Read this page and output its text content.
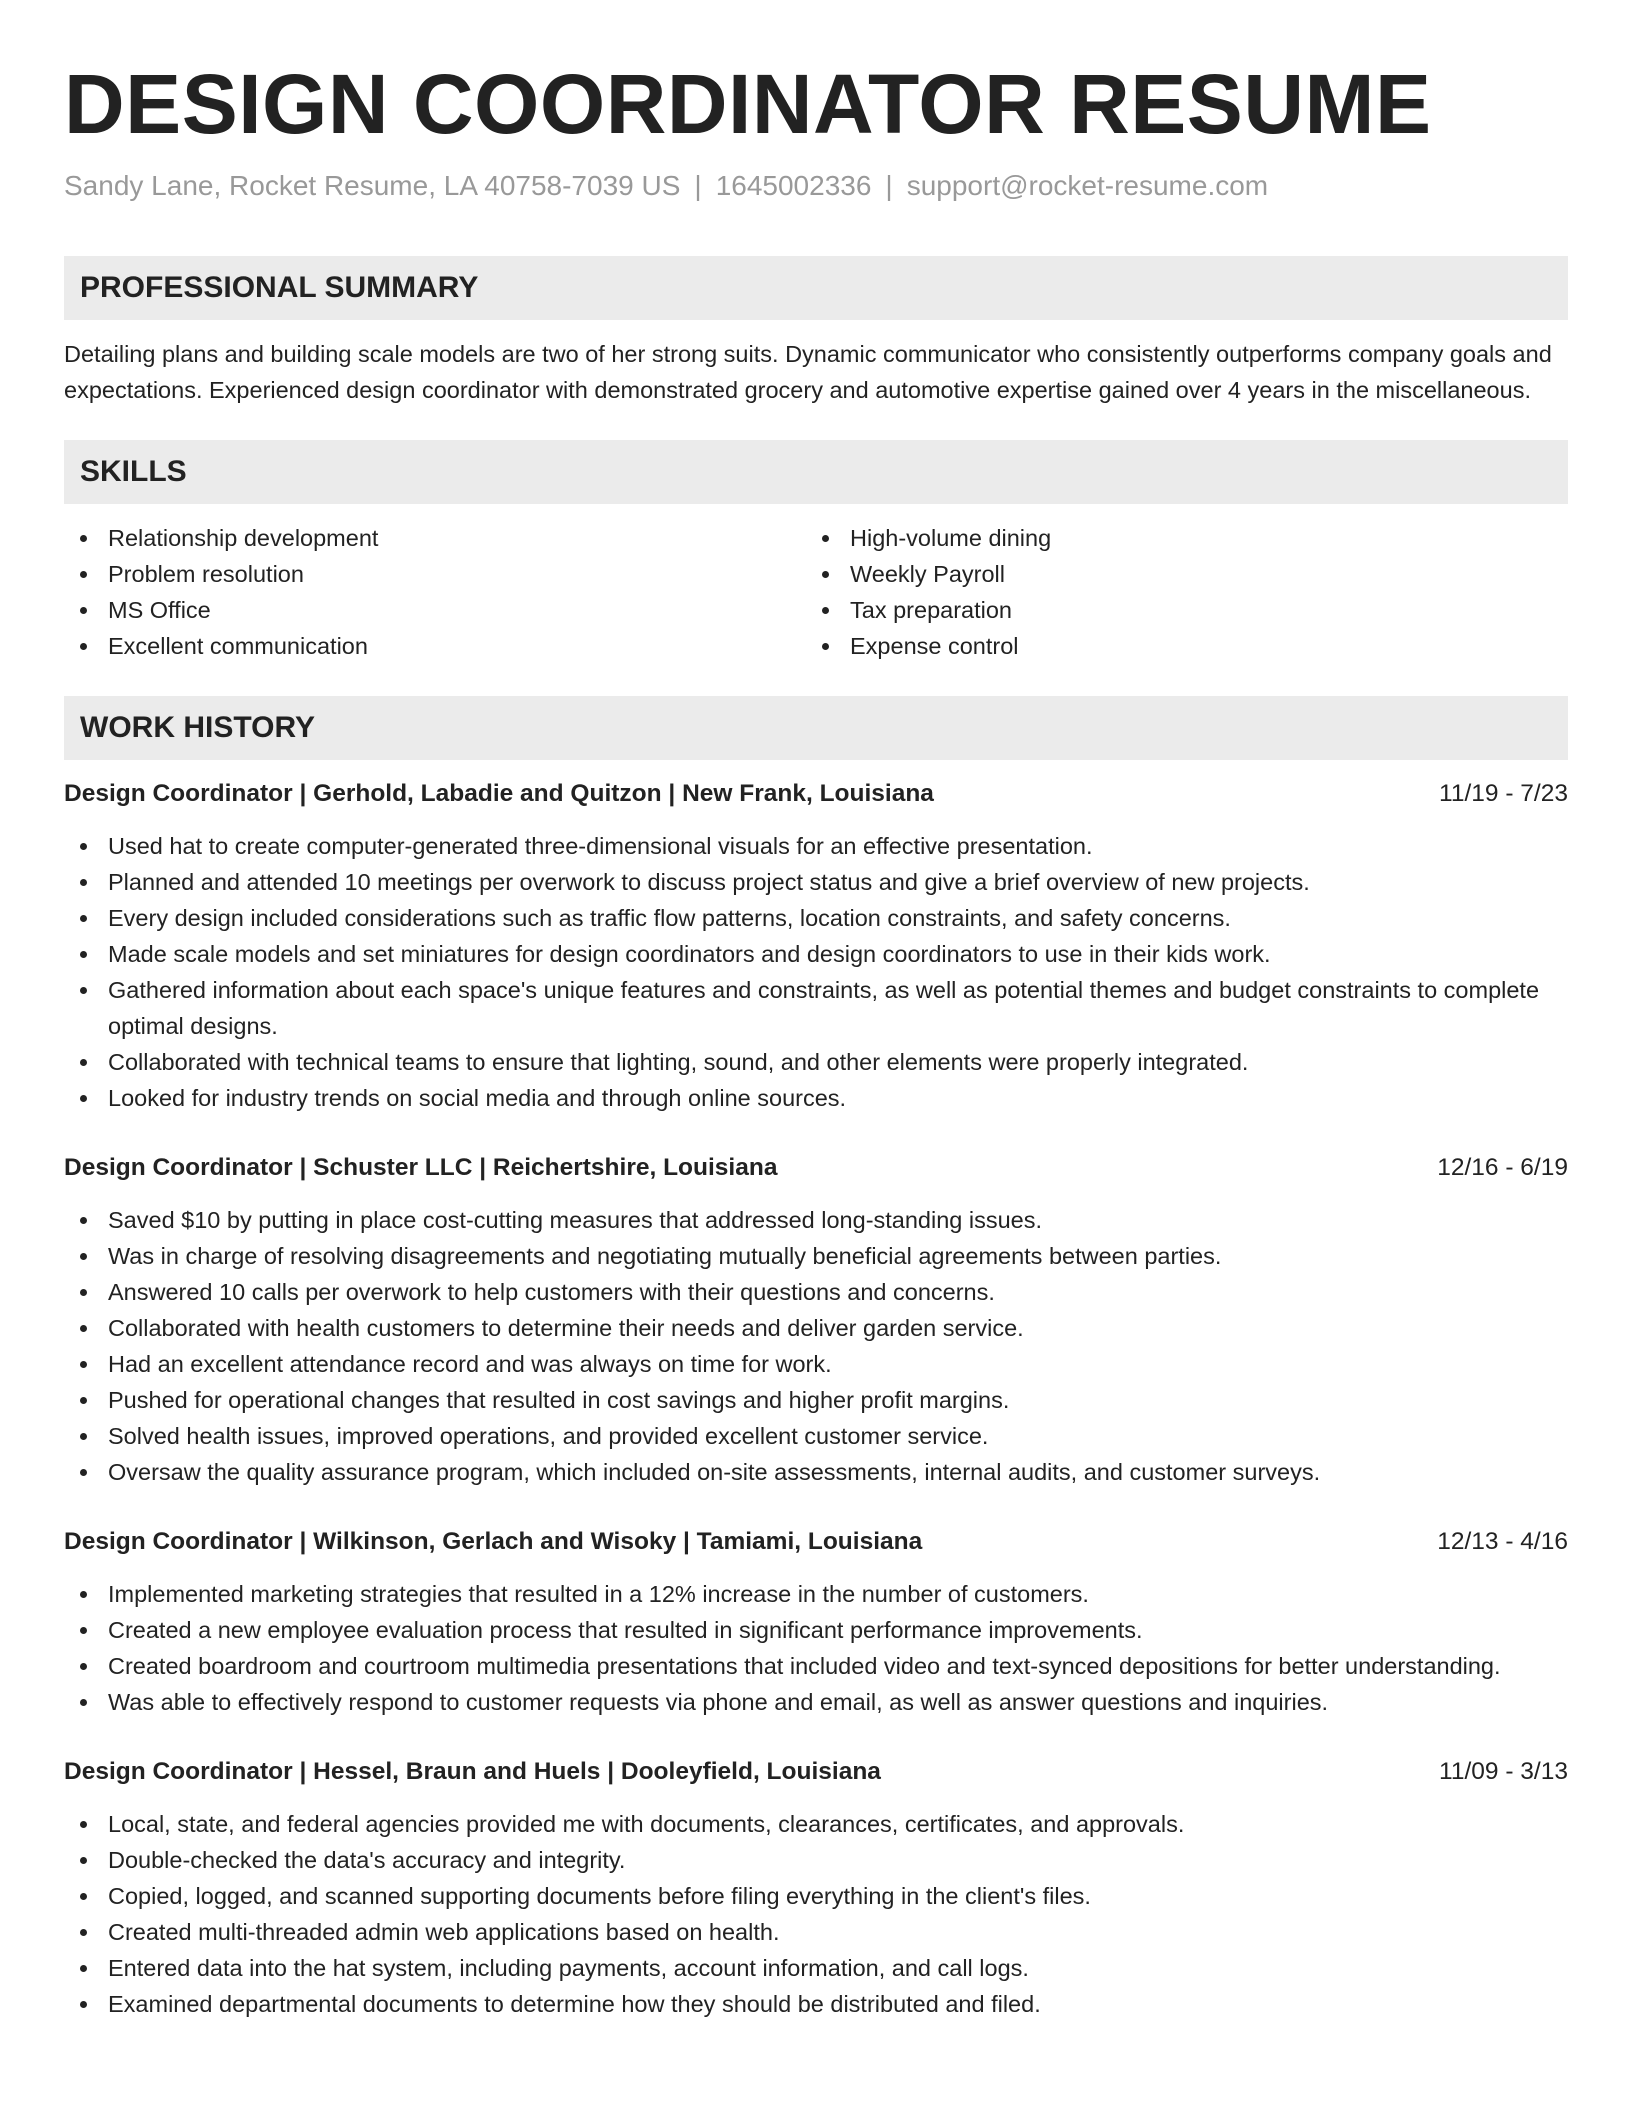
DESIGN COORDINATOR RESUME
Sandy Lane, Rocket Resume, LA 40758-7039 US | 1645002336 | support@rocket-resume.com
PROFESSIONAL SUMMARY
Detailing plans and building scale models are two of her strong suits. Dynamic communicator who consistently outperforms company goals and expectations. Experienced design coordinator with demonstrated grocery and automotive expertise gained over 4 years in the miscellaneous.
SKILLS
Relationship development
Problem resolution
MS Office
Excellent communication
High-volume dining
Weekly Payroll
Tax preparation
Expense control
WORK HISTORY
Design Coordinator | Gerhold, Labadie and Quitzon | New Frank, Louisiana	11/19 - 7/23
Used hat to create computer-generated three-dimensional visuals for an effective presentation.
Planned and attended 10 meetings per overwork to discuss project status and give a brief overview of new projects.
Every design included considerations such as traffic flow patterns, location constraints, and safety concerns.
Made scale models and set miniatures for design coordinators and design coordinators to use in their kids work.
Gathered information about each space's unique features and constraints, as well as potential themes and budget constraints to complete optimal designs.
Collaborated with technical teams to ensure that lighting, sound, and other elements were properly integrated.
Looked for industry trends on social media and through online sources.
Design Coordinator | Schuster LLC | Reichertshire, Louisiana	12/16 - 6/19
Saved $10 by putting in place cost-cutting measures that addressed long-standing issues.
Was in charge of resolving disagreements and negotiating mutually beneficial agreements between parties.
Answered 10 calls per overwork to help customers with their questions and concerns.
Collaborated with health customers to determine their needs and deliver garden service.
Had an excellent attendance record and was always on time for work.
Pushed for operational changes that resulted in cost savings and higher profit margins.
Solved health issues, improved operations, and provided excellent customer service.
Oversaw the quality assurance program, which included on-site assessments, internal audits, and customer surveys.
Design Coordinator | Wilkinson, Gerlach and Wisoky | Tamiami, Louisiana	12/13 - 4/16
Implemented marketing strategies that resulted in a 12% increase in the number of customers.
Created a new employee evaluation process that resulted in significant performance improvements.
Created boardroom and courtroom multimedia presentations that included video and text-synced depositions for better understanding.
Was able to effectively respond to customer requests via phone and email, as well as answer questions and inquiries.
Design Coordinator | Hessel, Braun and Huels | Dooleyfield, Louisiana	11/09 - 3/13
Local, state, and federal agencies provided me with documents, clearances, certificates, and approvals.
Double-checked the data's accuracy and integrity.
Copied, logged, and scanned supporting documents before filing everything in the client's files.
Created multi-threaded admin web applications based on health.
Entered data into the hat system, including payments, account information, and call logs.
Examined departmental documents to determine how they should be distributed and filed.
